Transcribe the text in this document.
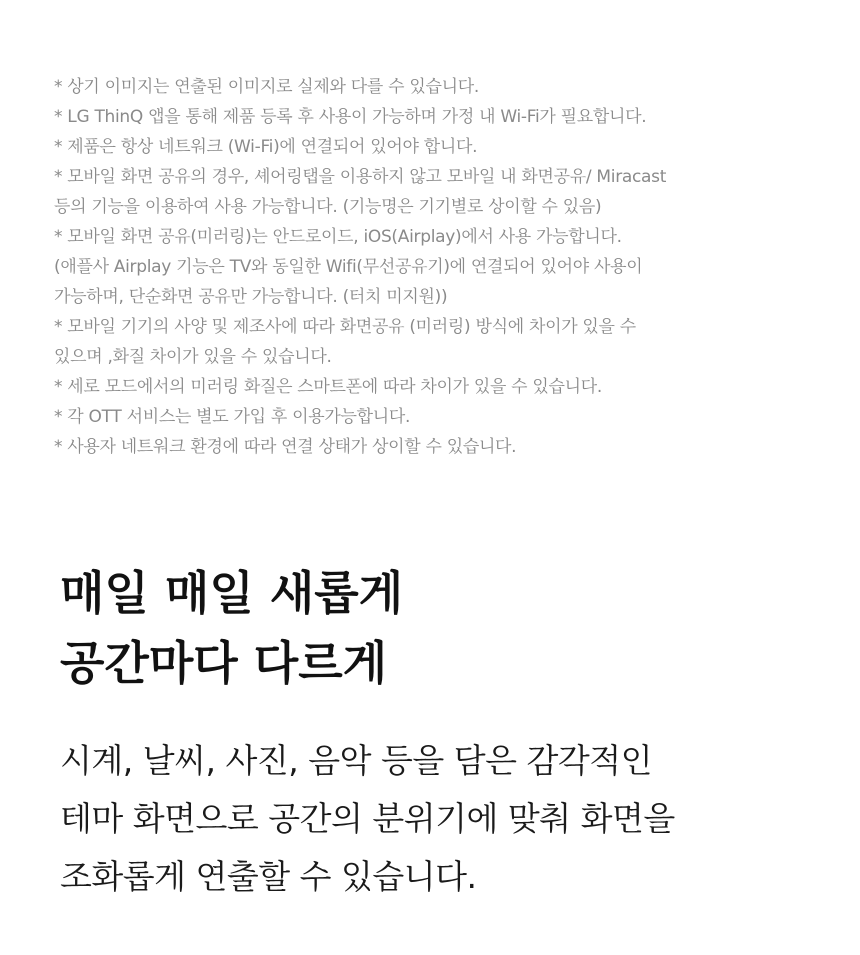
* 상기 이미지는 연출된 이미지로 실제와 다를 수 있습니다.
* LG ThinQ 앱을 통해 제품 등록 후 사용이 가능하며 가정 내 Wi-Fi가 필요합니다.
* 제품은 항상 네트워크 (Wi-Fi)에 연결되어 있어야 합니다.
* 모바일 화면 공유의 경우, 셰어링탭을 이용하지 않고 모바일 내 화면공유/ Miracast
등의 기능을 이용하여 사용 가능합니다. (기능명은 기기별로 상이할 수 있음)
* 모바일 화면 공유(미러링)는 안드로이드, iOS(Airplay)에서 사용 가능합니다.
(애플사 Airplay 기능은 TV와 동일한 Wifi(무선공유기)에 연결되어 있어야 사용이
가능하며, 단순화면 공유만 가능합니다. (터치 미지원))
* 모바일 기기의 사양 및 제조사에 따라 화면공유 (미러링) 방식에 차이가 있을 수
있으며 ,화질 차이가 있을 수 있습니다.
* 세로 모드에서의 미러링 화질은 스마트폰에 따라 차이가 있을 수 있습니다.
* 각 OTT 서비스는 별도 가입 후 이용가능합니다.
* 사용자 네트워크 환경에 따라 연결 상태가 상이할 수 있습니다.
매일 매일 새롭게
공간마다 다르게

시계, 날씨, 사진, 음악 등을 담은 감각적인
테마 화면으로 공간의 분위기에 맞춰 화면을
조화롭게 연출할 수 있습니다.
